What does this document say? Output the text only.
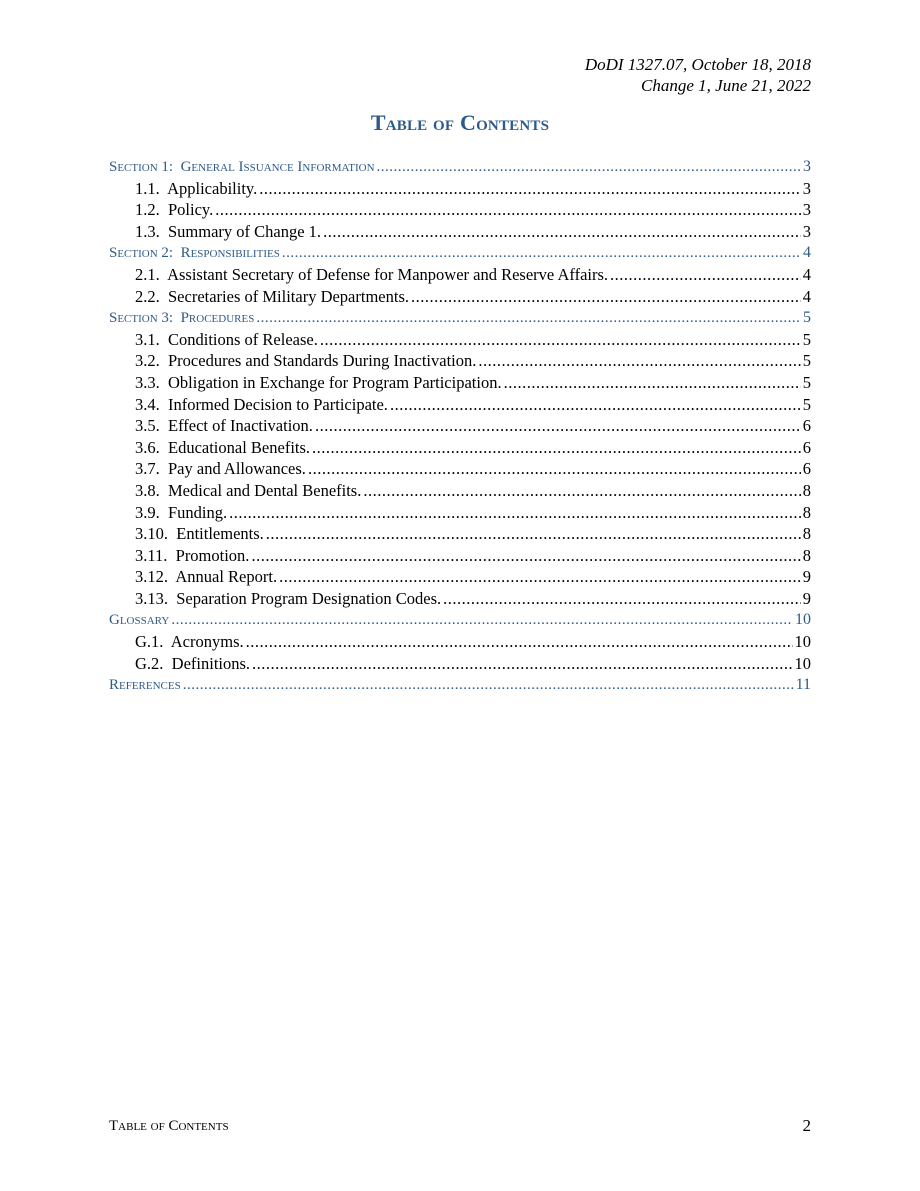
DoDI 1327.07, October 18, 2018
Change 1, June 21, 2022
Table of Contents
Section 1:  General Issuance Information .....	3
1.1.  Applicability. .....	3
1.2.  Policy. .....	3
1.3.  Summary of Change 1. .....	3
Section 2:  Responsibilities .....	4
2.1.  Assistant Secretary of Defense for Manpower and Reserve Affairs. .....	4
2.2.  Secretaries of Military Departments. .....	4
Section 3:  Procedures .....	5
3.1.  Conditions of Release. .....	5
3.2.  Procedures and Standards During Inactivation. .....	5
3.3.  Obligation in Exchange for Program Participation. .....	5
3.4.  Informed Decision to Participate. .....	5
3.5.  Effect of Inactivation. .....	6
3.6.  Educational Benefits. .....	6
3.7.  Pay and Allowances. .....	6
3.8.  Medical and Dental Benefits. .....	8
3.9.  Funding. .....	8
3.10.  Entitlements. .....	8
3.11.  Promotion. .....	8
3.12.  Annual Report. .....	9
3.13.  Separation Program Designation Codes. .....	9
Glossary .....	10
G.1.  Acronyms. .....	10
G.2.  Definitions. .....	10
References .....	11
Table of Contents	2
